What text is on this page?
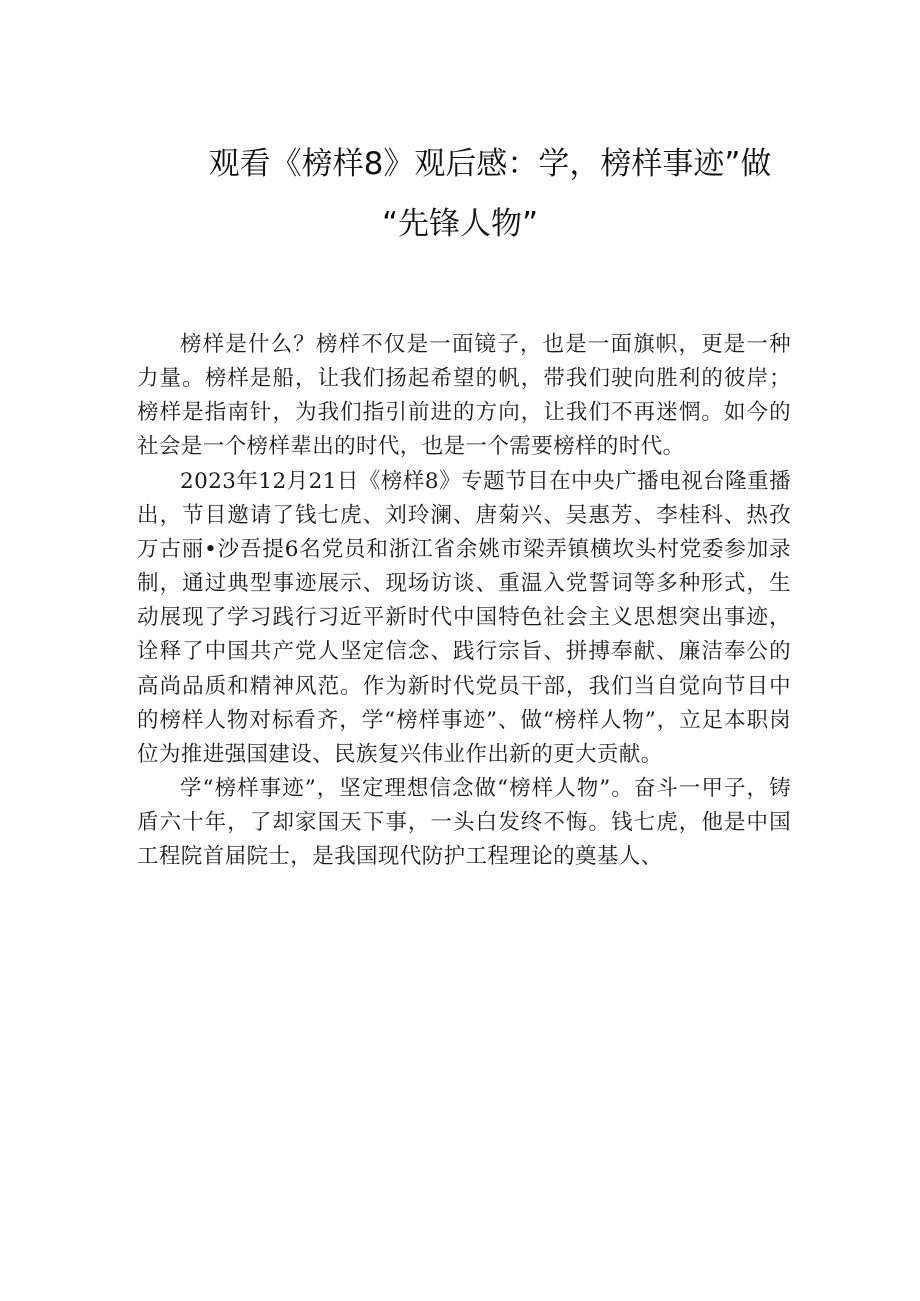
观看《榜样8》观后感：学，榜样事迹”做
“先锋人物”

榜样是什么？榜样不仅是一面镜子，也是一面旗帜，更是一种力量。榜样是船，让我们扬起希望的帆，带我们驶向胜利的彼岸；榜样是指南针，为我们指引前进的方向，让我们不再迷惘。如今的社会是一个榜样辈出的时代，也是一个需要榜样的时代。

2023年12月21日《榜样8》专题节目在中央广播电视台隆重播出，节目邀请了钱七虎、刘玲澜、唐菊兴、吴惠芳、李桂科、热孜万古丽•沙吾提6名党员和浙江省余姚市梁弄镇横坎头村党委参加录制，通过典型事迹展示、现场访谈、重温入党誓词等多种形式，生动展现了学习践行习近平新时代中国特色社会主义思想突出事迹，诠释了中国共产党人坚定信念、践行宗旨、拼搏奉献、廉洁奉公的高尚品质和精神风范。作为新时代党员干部，我们当自觉向节目中的榜样人物对标看齐，学“榜样事迹”、做“榜样人物”，立足本职岗位为推进强国建设、民族复兴伟业作出新的更大贡献。

学“榜样事迹”，坚定理想信念做“榜样人物”。奋斗一甲子，铸盾六十年，了却家国天下事，一头白发终不悔。钱七虎，他是中国工程院首届院士，是我国现代防护工程理论的奠基人、
